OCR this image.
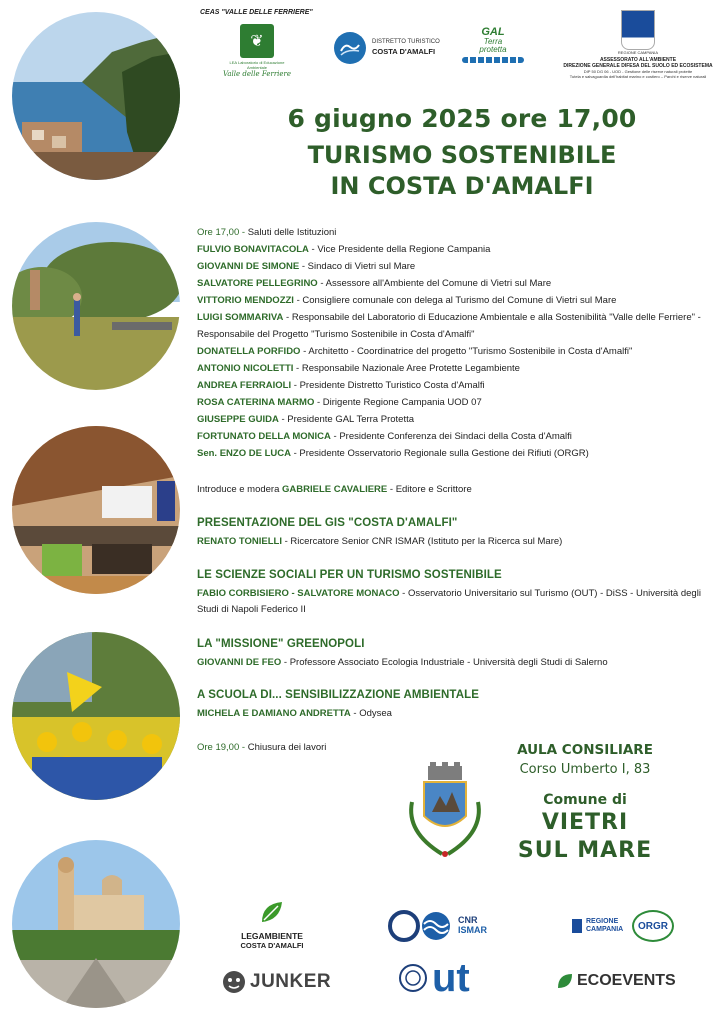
CEAS "VALLE DELLE FERRIERE"
❦
LEA Laboratorio di Educazione Ambientale
Valle delle Ferriere
DISTRETTO TURISTICO
COSTA D'AMALFI
GAL
Terra
protetta	REGIONE CAMPANIA
ASSESSORATO ALL'AMBIENTE
DIREZIONE GENERALE DIFESA DEL SUOLO ED ECOSISTEMA
DIP 50 DG 06 - UOD - Gestione delle riserve naturali protette
Tutela e salvaguardia dell'habitat marino e costiero – Parchi e riserve naturali
6 giugno 2025 ore 17,00
TURISMO SOSTENIBILE
IN COSTA D'AMALFI
Ore 17,00 - Saluti delle Istituzioni
FULVIO BONAVITACOLA - Vice Presidente della Regione Campania
GIOVANNI DE SIMONE - Sindaco di Vietri sul Mare
SALVATORE PELLEGRINO - Assessore all'Ambiente del Comune di Vietri sul Mare
VITTORIO MENDOZZI - Consigliere comunale con delega al Turismo del Comune di Vietri sul Mare
LUIGI SOMMARIVA - Responsabile del Laboratorio di Educazione Ambientale e alla Sostenibilità "Valle delle Ferriere" - Responsabile del Progetto "Turismo Sostenibile in Costa d'Amalfi"
DONATELLA PORFIDO - Architetto - Coordinatrice del progetto "Turismo Sostenibile in Costa d'Amalfi"
ANTONIO NICOLETTI - Responsabile Nazionale Aree Protette Legambiente
ANDREA FERRAIOLI - Presidente Distretto Turistico Costa d'Amalfi
ROSA CATERINA MARMO - Dirigente Regione Campania UOD 07
GIUSEPPE GUIDA - Presidente GAL Terra Protetta
FORTUNATO DELLA MONICA - Presidente Conferenza dei Sindaci della Costa d'Amalfi
Sen. ENZO DE LUCA - Presidente Osservatorio Regionale sulla Gestione dei Rifiuti (ORGR)
Introduce e modera GABRIELE CAVALIERE - Editore e Scrittore
PRESENTAZIONE DEL GIS "COSTA D'AMALFI"
RENATO TONIELLI - Ricercatore Senior CNR ISMAR (Istituto per la Ricerca sul Mare)
LE SCIENZE SOCIALI PER UN TURISMO SOSTENIBILE
FABIO CORBISIERO - SALVATORE MONACO - Osservatorio Universitario sul Turismo (OUT) - DiSS - Università degli Studi di Napoli Federico II
LA "MISSIONE" GREENOPOLI
GIOVANNI DE FEO - Professore Associato Ecologia Industriale - Università degli Studi di Salerno
A SCUOLA DI... SENSIBILIZZAZIONE AMBIENTALE
MICHELA E DAMIANO ANDRETTA - Odysea
Ore 19,00 - Chiusura dei lavori	AULA CONSILIARE
Corso Umberto I, 83
Comune di
VIETRI
SUL MARE
LEGAMBIENTE
COSTA D'AMALFI
CNR
ISMAR
REGIONE CAMPANIA	ORGR
JUNKER	ut	ECOEVENTS
